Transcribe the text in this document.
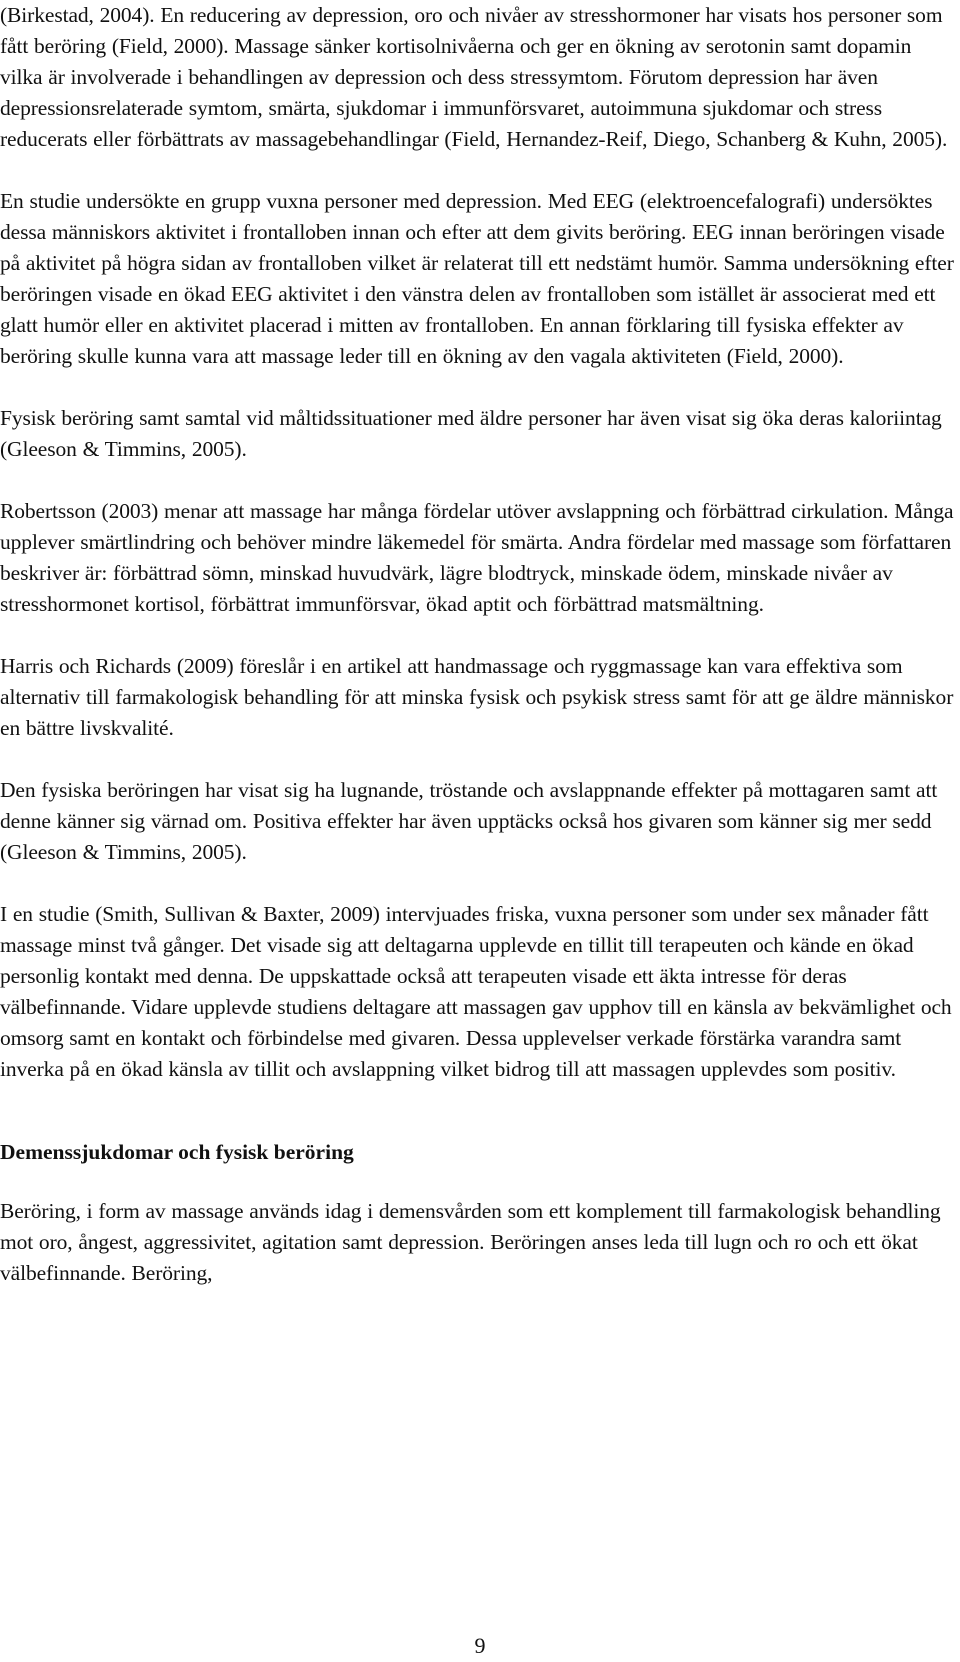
(Birkestad, 2004). En reducering av depression, oro och nivåer av stresshormoner har visats hos personer som fått beröring (Field, 2000). Massage sänker kortisolnivåerna och ger en ökning av serotonin samt dopamin vilka är involverade i behandlingen av depression och dess stressymtom. Förutom depression har även depressionsrelaterade symtom, smärta, sjukdomar i immunförsvaret, autoimmuna sjukdomar och stress reducerats eller förbättrats av massagebehandlingar (Field, Hernandez-Reif, Diego, Schanberg & Kuhn, 2005).

En studie undersökte en grupp vuxna personer med depression. Med EEG (elektroencefalografi) undersöktes dessa människors aktivitet i frontalloben innan och efter att dem givits beröring. EEG innan beröringen visade på aktivitet på högra sidan av frontalloben vilket är relaterat till ett nedstämt humör. Samma undersökning efter beröringen visade en ökad EEG aktivitet i den vänstra delen av frontalloben som istället är associerat med ett glatt humör eller en aktivitet placerad i mitten av frontalloben. En annan förklaring till fysiska effekter av beröring skulle kunna vara att massage leder till en ökning av den vagala aktiviteten (Field, 2000).

Fysisk beröring samt samtal vid måltidssituationer med äldre personer har även visat sig öka deras kaloriintag (Gleeson & Timmins, 2005).

Robertsson (2003) menar att massage har många fördelar utöver avslappning och förbättrad cirkulation. Många upplever smärtlindring och behöver mindre läkemedel för smärta. Andra fördelar med massage som författaren beskriver är: förbättrad sömn, minskad huvudvärk, lägre blodtryck, minskade ödem, minskade nivåer av stresshormonet kortisol, förbättrat immunförsvar, ökad aptit och förbättrad matsmältning.

Harris och Richards (2009) föreslår i en artikel att handmassage och ryggmassage kan vara effektiva som alternativ till farmakologisk behandling för att minska fysisk och psykisk stress samt för att ge äldre människor en bättre livskvalité.

Den fysiska beröringen har visat sig ha lugnande, tröstande och avslappnande effekter på mottagaren samt att denne känner sig värnad om. Positiva effekter har även upptäcks också hos givaren som känner sig mer sedd (Gleeson & Timmins, 2005).

I en studie (Smith, Sullivan & Baxter, 2009) intervjuades friska, vuxna personer som under sex månader fått massage minst två gånger. Det visade sig att deltagarna upplevde en tillit till terapeuten och kände en ökad personlig kontakt med denna. De uppskattade också att terapeuten visade ett äkta intresse för deras välbefinnande. Vidare upplevde studiens deltagare att massagen gav upphov till en känsla av bekvämlighet och omsorg samt en kontakt och förbindelse med givaren. Dessa upplevelser verkade förstärka varandra samt inverka på en ökad känsla av tillit och avslappning vilket bidrog till att massagen upplevdes som positiv.

Demenssjukdomar och fysisk beröring

Beröring, i form av massage används idag i demensvården som ett komplement till farmakologisk behandling mot oro, ångest, aggressivitet, agitation samt depression. Beröringen anses leda till lugn och ro och ett ökat välbefinnande. Beröring,

9
